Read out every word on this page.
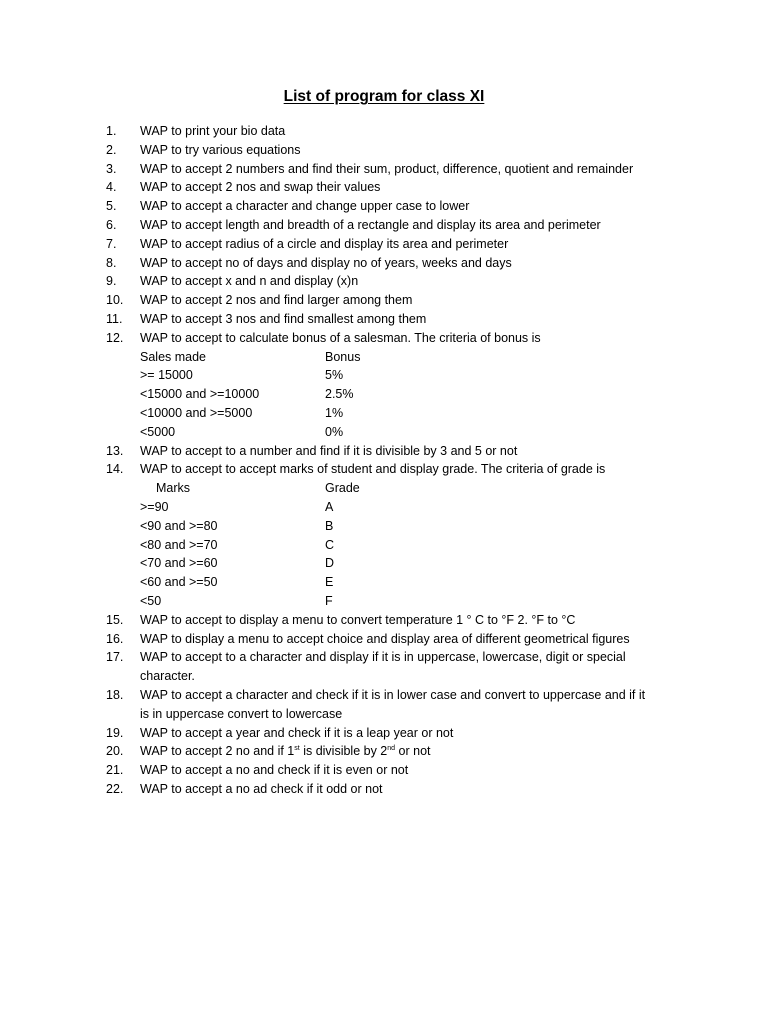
List of program for class XI
1.	WAP to print your bio data
2.	WAP to try various equations
3.	WAP to accept 2 numbers and find their sum, product, difference, quotient and remainder
4.	WAP to accept 2 nos and swap their values
5.	WAP to accept a character and change upper case to lower
6.	WAP to accept length and breadth of a rectangle and display its area and perimeter
7.	WAP to accept radius of a circle and display its area and perimeter
8.	WAP to accept no of days and display no of years, weeks and days
9.	WAP to accept x and n and display (x)n
10.	WAP to accept 2 nos and find larger among them
11.	WAP to accept 3 nos and find smallest among them
12.	WAP to accept to calculate bonus of a salesman. The criteria of bonus is
Sales made	Bonus
>= 15000	5%
<15000 and >=10000	2.5%
<10000 and >=5000	1%
<5000	0%
13.	WAP to accept to a number and find if it is divisible by 3 and 5 or not
14.	WAP to accept to accept marks of student and display grade. The criteria of grade is
Marks	Grade
>=90	A
<90 and >=80	B
<80 and >=70	C
<70 and >=60	D
<60 and >=50	E
<50	F
15.	WAP to accept to display a menu to convert temperature 1 ° C to °F 2. °F to °C
16.	WAP to display a menu to accept choice and display area of different geometrical figures
17.	WAP to accept to a character and display if it is in uppercase, lowercase, digit or special
character.
18.	WAP to accept a character and check if it is in lower case and convert to uppercase and if it
is in uppercase convert to lowercase
19.	WAP to accept a year and check if it is a leap year or not
20.	WAP to accept 2 no and if 1st is divisible by 2nd or not
21.	WAP to accept a no and check if it is even or not
22.	WAP to accept a no ad check if it odd or not
